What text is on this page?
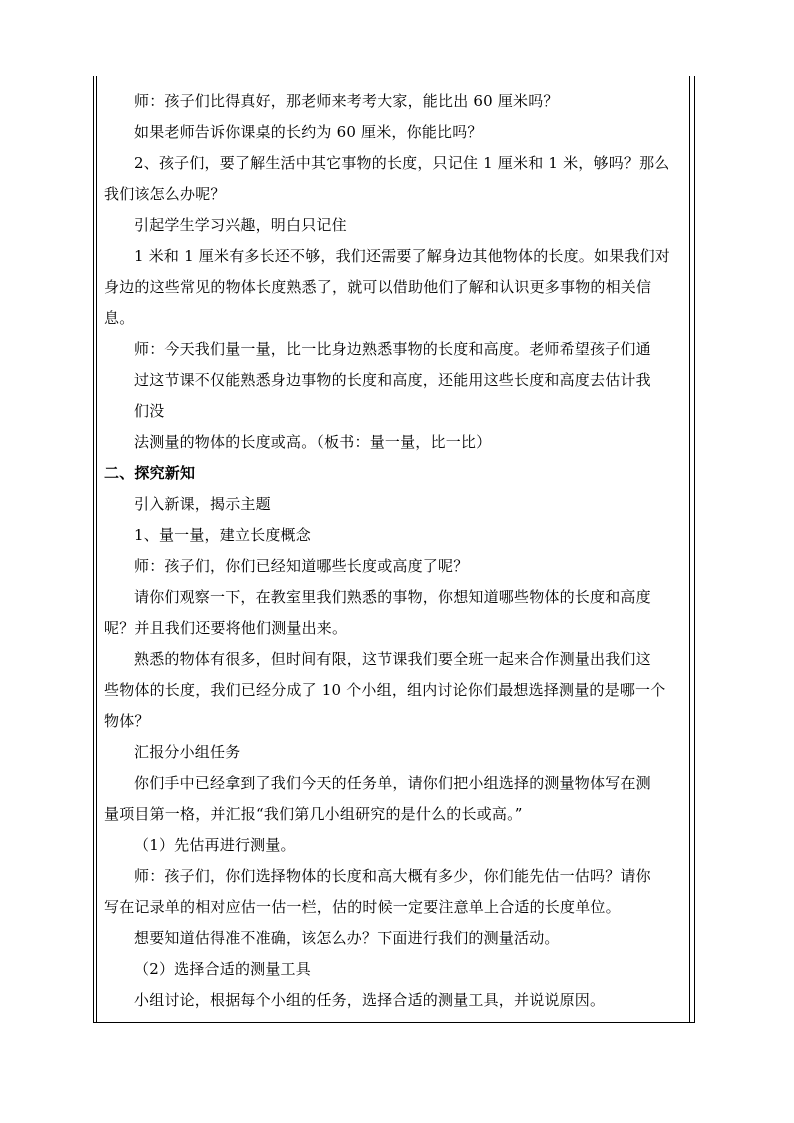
师：孩子们比得真好，那老师来考考大家，能比出 60 厘米吗？
如果老师告诉你课桌的长约为 60 厘米，你能比吗？
2、孩子们，要了解生活中其它事物的长度，只记住 1 厘米和 1 米，够吗？那么
我们该怎么办呢？
引起学生学习兴趣，明白只记住
1 米和 1 厘米有多长还不够，我们还需要了解身边其他物体的长度。如果我们对
身边的这些常见的物体长度熟悉了，就可以借助他们了解和认识更多事物的相关信
息。
师：今天我们量一量，比一比身边熟悉事物的长度和高度。老师希望孩子们通
过这节课不仅能熟悉身边事物的长度和高度，还能用这些长度和高度去估计我
们没
法测量的物体的长度或高。（板书：量一量，比一比）
二、探究新知
引入新课，揭示主题
1、量一量，建立长度概念
师：孩子们，你们已经知道哪些长度或高度了呢？
请你们观察一下，在教室里我们熟悉的事物，你想知道哪些物体的长度和高度
呢？并且我们还要将他们测量出来。
熟悉的物体有很多，但时间有限，这节课我们要全班一起来合作测量出我们这
些物体的长度，我们已经分成了 10 个小组，组内讨论你们最想选择测量的是哪一个
物体？
汇报分小组任务
你们手中已经拿到了我们今天的任务单，请你们把小组选择的测量物体写在测
量项目第一格，并汇报“我们第几小组研究的是什么的长或高。”
（1）先估再进行测量。
师：孩子们，你们选择物体的长度和高大概有多少，你们能先估一估吗？请你
写在记录单的相对应估一估一栏，估的时候一定要注意单上合适的长度单位。
想要知道估得准不准确，该怎么办？下面进行我们的测量活动。
（2）选择合适的测量工具
小组讨论，根据每个小组的任务，选择合适的测量工具，并说说原因。
